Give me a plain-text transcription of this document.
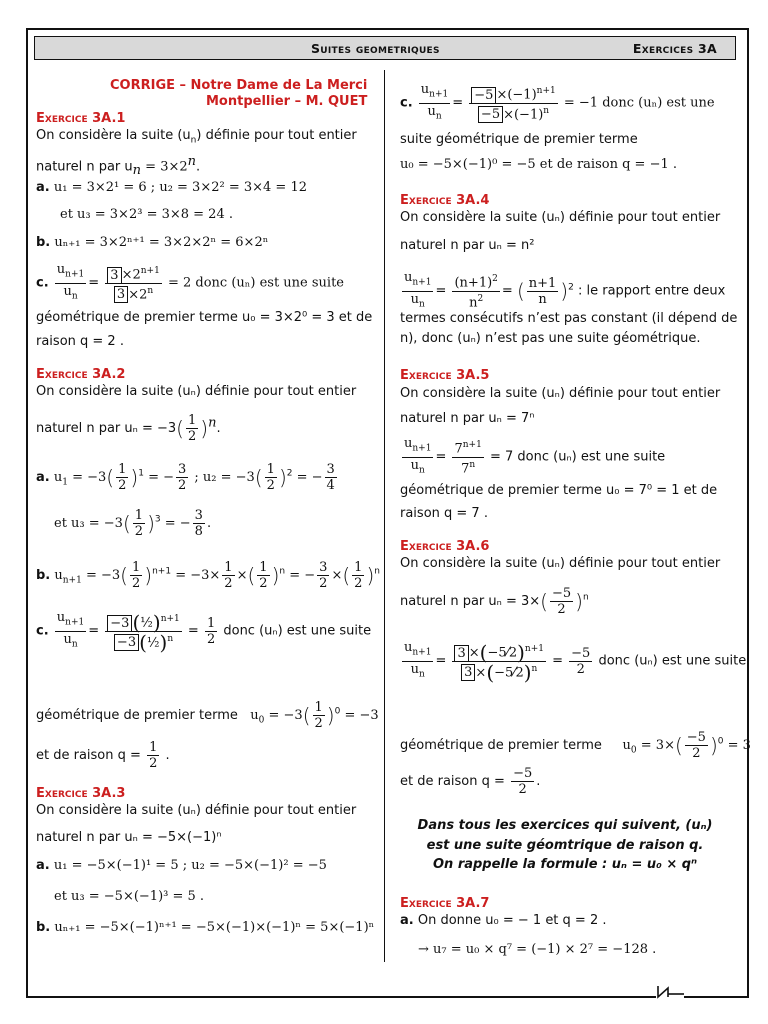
Suites geometriques	Exercices 3A
CORRIGE – Notre Dame de La Merci
Montpellier – M. QUET
Exercice 3A.1
On considère la suite $(u_n)$ définie pour tout entier
naturel n par $u_n = 3\times 2^n$.
a. u₁ = 3×2¹ = 6 ; u₂ = 3×2² = 3×4 = 12
et u₃ = 3×2³ = 3×8 = 24 .
b. uₙ₊₁ = 3×2ⁿ⁺¹ = 3×2×2ⁿ = 6×2ⁿ
c. $\frac{u_{n+1}}{u_n} = \frac{3 \times 2^{n+1}}{3 \times 2^n} = 2$ donc (uₙ) est une suite
géométrique de premier terme u₀ = 3×2⁰ = 3 et de
raison q = 2 .
Exercice 3A.2
On considère la suite (uₙ) définie pour tout entier
naturel n par $u_n = -3( \frac{1}{2} )^n$.
a. $u_1 = -3( \frac{1}{2} )^1$ = − $\frac{3}{2}$ ; $u_2 = -3( \frac{1}{2} )^2$ = − $\frac{3}{4}$
et $u_3 = -3( \frac{1}{2} )^3$ = − $\frac{3}{8}$ .
b. $u_{n+1} = -3( \frac{1}{2} )^{n+1} = -3\times \frac{1}{2}$ ×( $\frac{1}{2} )^n$ = − $\frac{3}{2}$ ×( $\frac{1}{2} )^n$
c. $\frac{u_{n+1}}{u_n} = \frac{-3 (\frac{1}{2})^{n+1}}{-3 (\frac{1}{2})^n} = \frac{1}{2}$ donc (uₙ) est une suite
géométrique de premier terme   $u_0 = -3( \frac{1}{2} )^0 = -3$
et de raison $q = \frac{1}{2}$ .
Exercice 3A.3
On considère la suite (uₙ) définie pour tout entier
naturel n par uₙ = −5×(−1)ⁿ
a. u₁ = −5×(−1)¹ = 5 ; u₂ = −5×(−1)² = −5
et u₃ = −5×(−1)³ = 5 .
b. uₙ₊₁ = −5×(−1)ⁿ⁺¹ = −5×(−1)×(−1)ⁿ = 5×(−1)ⁿ
c. $\frac{u_{n+1}}{u_n} = \frac{-5 \times(-1)^{n+1}}{-5 \times(-1)^n} = -1$ donc (uₙ) est une
suite géométrique de premier terme
u₀ = −5×(−1)⁰ = −5 et de raison q = −1 .
Exercice 3A.4
On considère la suite (uₙ) définie pour tout entier
naturel n par uₙ = n²
$\frac{u_{n+1}}{u_n} = \frac{(n+1)^2}{n^2}$ = ( $\frac{n+1}{n} )^2$ : le rapport entre deux
termes consécutifs n’est pas constant (il dépend de
n), donc (uₙ) n’est pas une suite géométrique.
Exercice 3A.5
On considère la suite (uₙ) définie pour tout entier
naturel n par uₙ = 7ⁿ
$\frac{u_{n+1}}{u_n} = \frac{7^{n+1}}{7^n} = 7$ donc (uₙ) est une suite
géométrique de premier terme u₀ = 7⁰ = 1 et de
raison q = 7 .
Exercice 3A.6
On considère la suite (uₙ) définie pour tout entier
naturel n par $u_n = 3\times( \frac{-5}{2} )^n$
$\frac{u_{n+1}}{u_n} = \frac{3 \times(-5⁄2)^{n+1}}{3 \times(-5⁄2)^n} = \frac{-5}{2}$ donc (uₙ) est une suite
géométrique de premier terme     $u_0 = 3\times( \frac{-5}{2} )^0 = 3$
et de raison $q = \frac{-5}{2}$ .
Dans tous les exercices qui suivent, (uₙ)
est une suite géomtrique de raison q.
On rappelle la formule : uₙ = u₀ × qⁿ
Exercice 3A.7
a. On donne u₀ = − 1 et q = 2 .
→ u₇ = u₀ × q⁷ = (−1) × 2⁷ = −128 .
